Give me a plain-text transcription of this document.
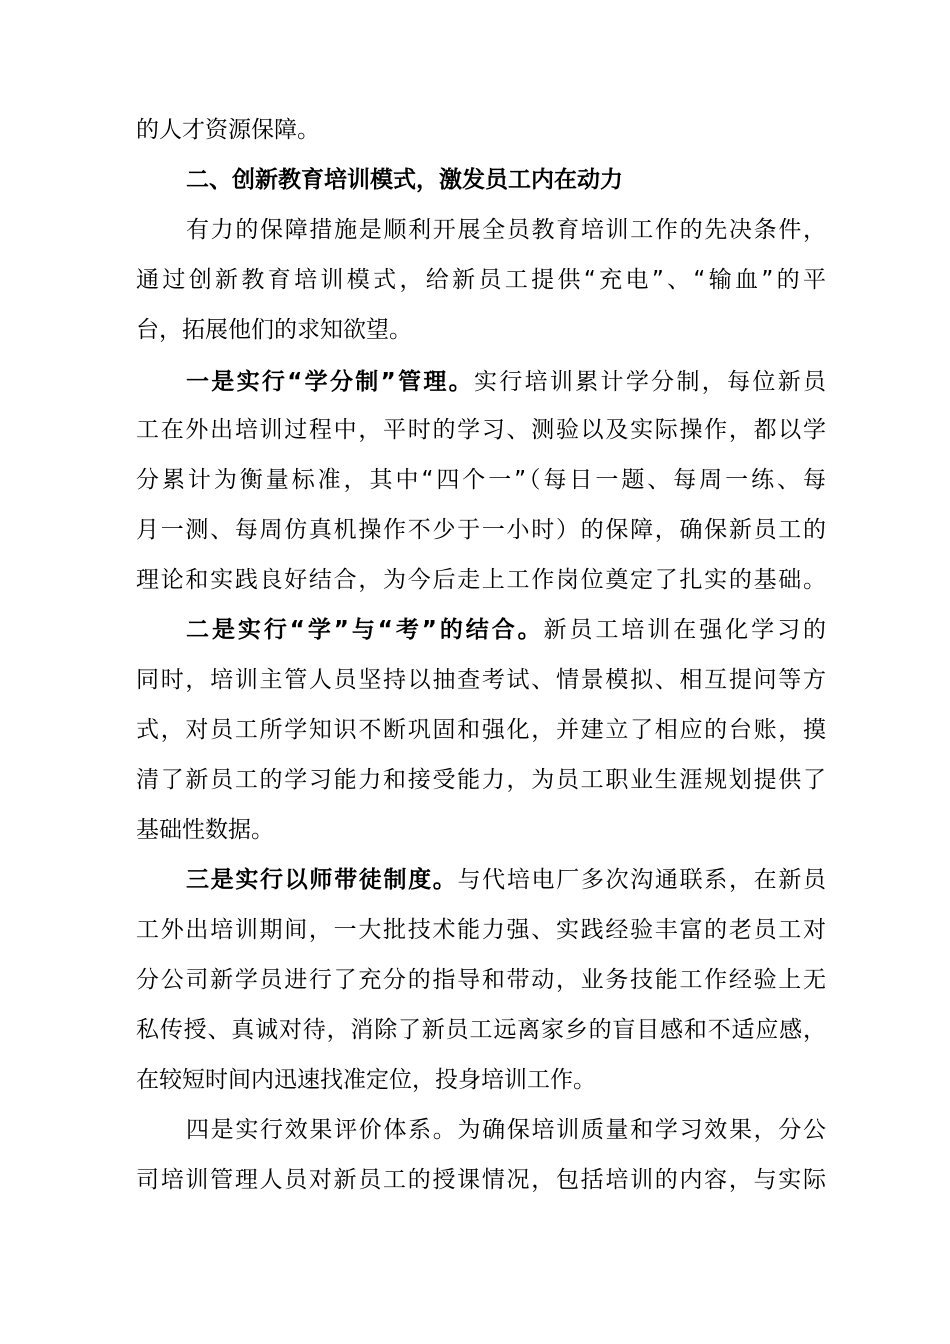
的人才资源保障。
二、创新教育培训模式，激发员工内在动力
有力的保障措施是顺利开展全员教育培训工作的先决条件，
通过创新教育培训模式，给新员工提供“充电”、“输血”的平
台，拓展他们的求知欲望。
一是实行“学分制”管理。实行培训累计学分制，每位新员
工在外出培训过程中，平时的学习、测验以及实际操作，都以学
分累计为衡量标准，其中“四个一”（每日一题、每周一练、每
月一测、每周仿真机操作不少于一小时）的保障，确保新员工的
理论和实践良好结合，为今后走上工作岗位奠定了扎实的基础。
二是实行“学”与“考”的结合。新员工培训在强化学习的
同时，培训主管人员坚持以抽查考试、情景模拟、相互提问等方
式，对员工所学知识不断巩固和强化，并建立了相应的台账，摸
清了新员工的学习能力和接受能力，为员工职业生涯规划提供了
基础性数据。
三是实行以师带徒制度。与代培电厂多次沟通联系，在新员
工外出培训期间，一大批技术能力强、实践经验丰富的老员工对
分公司新学员进行了充分的指导和带动，业务技能工作经验上无
私传授、真诚对待，消除了新员工远离家乡的盲目感和不适应感，
在较短时间内迅速找准定位，投身培训工作。
四是实行效果评价体系。为确保培训质量和学习效果，分公
司培训管理人员对新员工的授课情况，包括培训的内容，与实际
